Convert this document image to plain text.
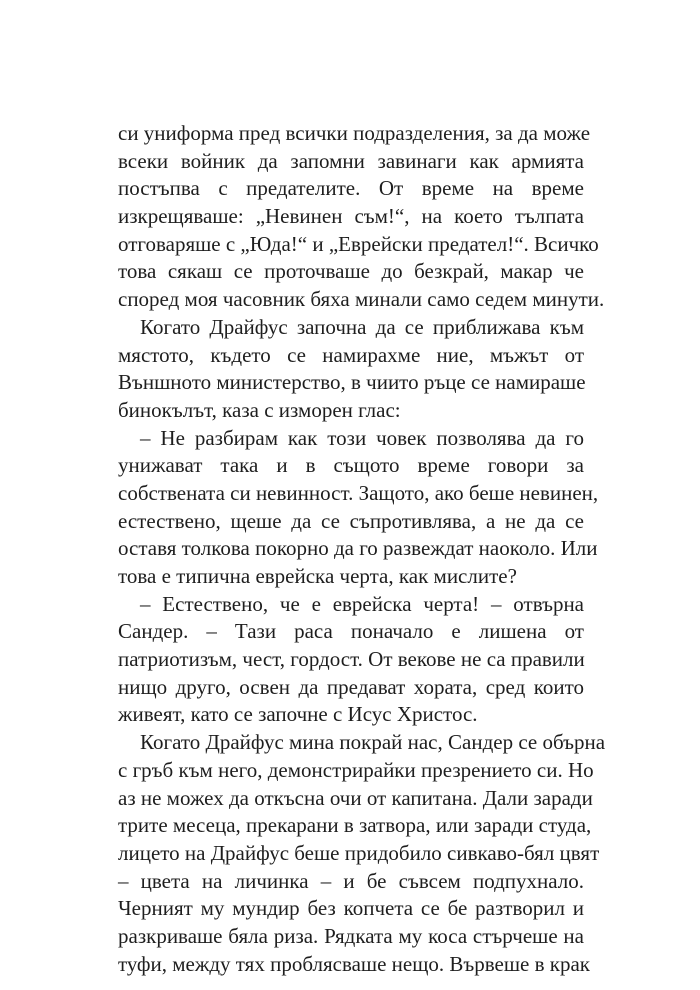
си униформа пред всички подразделения, за да може
всеки войник да запомни завинаги как армията
постъпва с предателите. От време на време
изкрещяваше: „Невинен съм!“, на което тълпата
отговаряше с „Юда!“ и „Еврейски предател!“. Всичко
това сякаш се проточваше до безкрай, макар че
според моя часовник бяха минали само седем минути.
Когато Драйфус започна да се приближава към
мястото, където се намирахме ние, мъжът от
Външното министерство, в чиито ръце се намираше
бинокълът, каза с изморен глас:
– Не разбирам как този човек позволява да го
унижават така и в същото време говори за
собствената си невинност. Защото, ако беше невинен,
естествено, щеше да се съпротивлява, а не да се
оставя толкова покорно да го развеждат наоколо. Или
това е типична еврейска черта, как мислите?
– Естествено, че е еврейска черта! – отвърна
Сандер. – Тази раса поначало е лишена от
патриотизъм, чест, гордост. От векове не са правили
нищо друго, освен да предават хората, сред които
живеят, като се започне с Исус Христос.
Когато Драйфус мина покрай нас, Сандер се обърна
с гръб към него, демонстрирайки презрението си. Но
аз не можех да откъсна очи от капитана. Дали заради
трите месеца, прекарани в затвора, или заради студа,
лицето на Драйфус беше придобило сивкаво-бял цвят
– цвета на личинка – и бе съвсем подпухнало.
Черният му мундир без копчета се бе разтворил и
разкриваше бяла риза. Рядката му коса стърчеше на
туфи, между тях проблясваше нещо. Вървеше в крак
